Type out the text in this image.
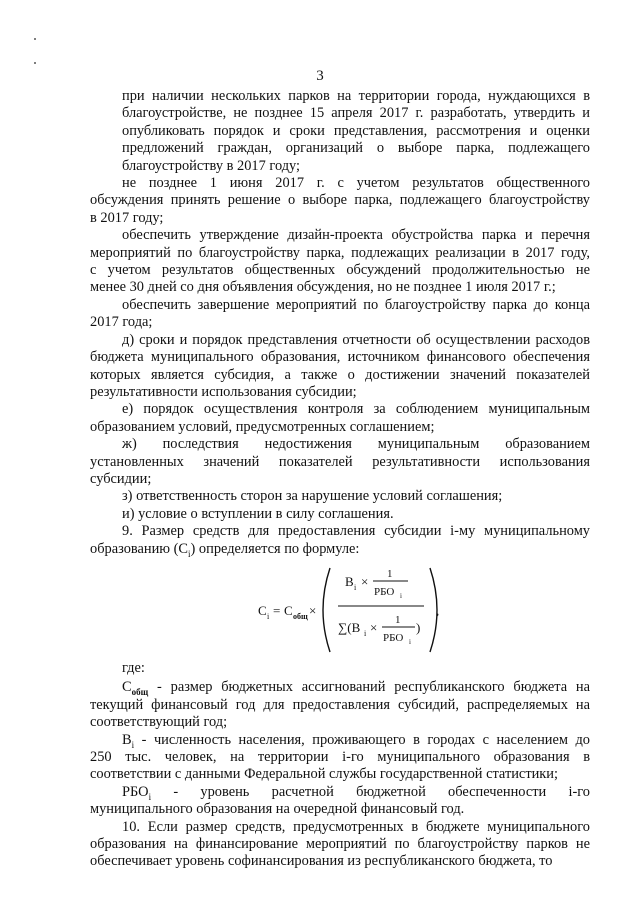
3

при наличии нескольких парков на территории города, нуждающихся в
благоустройстве, не позднее 15 апреля 2017 г. разработать, утвердить и
опубликовать порядок и сроки представления, рассмотрения и оценки
предложений граждан, организаций о выборе парка, подлежащего
благоустройству в 2017 году;

не позднее 1 июня 2017 г. с учетом результатов общественного
обсуждения принять решение о выборе парка, подлежащего благоустройству
в 2017 году;

обеспечить утверждение дизайн-проекта обустройства парка и перечня
мероприятий по благоустройству парка, подлежащих реализации в 2017 году,
с учетом результатов общественных обсуждений продолжительностью не
менее 30 дней со дня объявления обсуждения, но не позднее 1 июля 2017 г.;

обеспечить завершение мероприятий по благоустройству парка до конца
2017 года;

д) сроки и порядок представления отчетности об осуществлении расходов
бюджета муниципального образования, источником финансового обеспечения
которых является субсидия, а также о достижении значений показателей
результативности использования субсидии;

е) порядок осуществления контроля за соблюдением муниципальным
образованием условий, предусмотренных соглашением;

ж) последствия недостижения муниципальным образованием
установленных значений показателей результативности использования
субсидии;

з) ответственность сторон за нарушение условий соглашения;

и) условие о вступлении в силу соглашения.

9. Размер средств для предоставления субсидии i-му муниципальному
образованию $(C_i)$ определяется по формуле:

C i = C общ ×
B i × 1
РБО i
∑(B i × 1
РБО i
)
,

где:

$C_{общ}$ - размер бюджетных ассигнований республиканского бюджета на
текущий финансовый год для предоставления субсидий, распределяемых на
соответствующий год;

$B_i$ - численность населения, проживающего в городах с населением до
250 тыс. человек, на территории i-го муниципального образования в
соответствии с данными Федеральной службы государственной статистики;

$РБО_i$ - уровень расчетной бюджетной обеспеченности i-го
муниципального образования на очередной финансовый год.

10. Если размер средств, предусмотренных в бюджете муниципального
образования на финансирование мероприятий по благоустройству парков не
обеспечивает уровень софинансирования из республиканского бюджета, то
